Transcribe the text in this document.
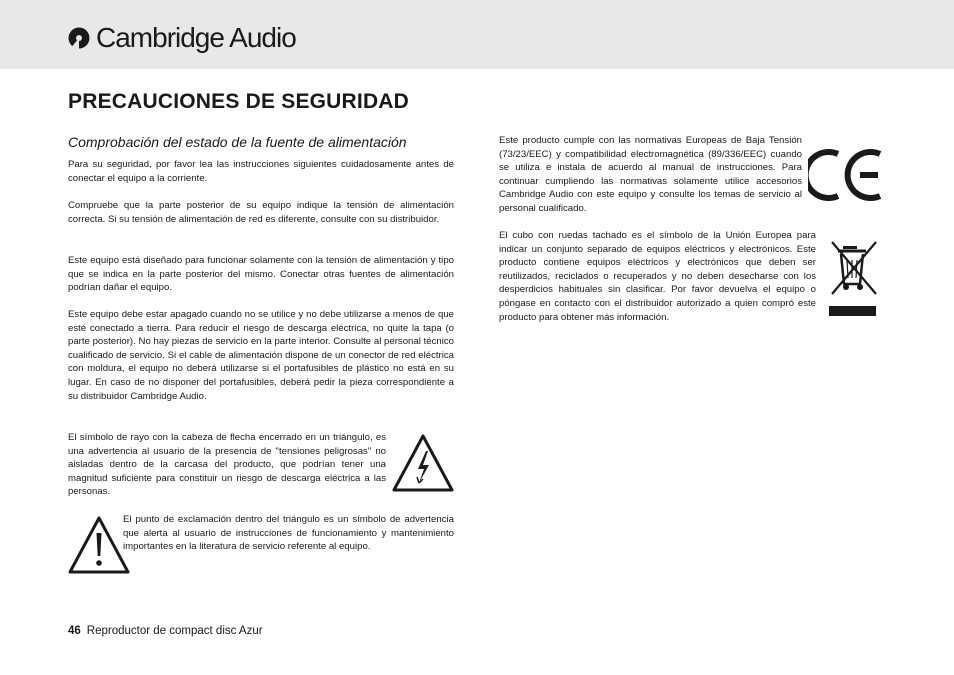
Cambridge Audio
PRECAUCIONES DE SEGURIDAD
Comprobación del estado de la fuente de alimentación

Para su seguridad, por favor lea las instrucciones siguientes cuidadosamente antes de conectar el equipo a la corriente.

Compruebe que la parte posterior de su equipo indique la tensión de alimentación correcta. Si su tensión de alimentación de red es diferente, consulte con su distribuidor.

Este equipo está diseñado para funcionar solamente con la tensión de alimentación y tipo que se indica en la parte posterior del mismo. Conectar otras fuentes de alimentación podrían dañar el equipo.

Este equipo debe estar apagado cuando no se utilice y no debe utilizarse a menos de que esté conectado a tierra. Para reducir el riesgo de descarga eléctrica, no quite la tapa (o parte posterior). No hay piezas de servicio en la parte interior. Consulte al personal técnico cualificado de servicio. Si el cable de alimentación dispone de un conector de red eléctrica con moldura, el equipo no deberá utilizarse si el portafusibles de plástico no está en su lugar. En caso de no disponer del portafusibles, deberá pedir la pieza correspondiente a su distribuidor Cambridge Audio.

El símbolo de rayo con la cabeza de flecha encerrado en un triángulo, es una advertencia al usuario de la presencia de "tensiones peligrosas" no aisladas dentro de la carcasa del producto, que podrían tener una magnitud suficiente para constituir un riesgo de descarga eléctrica a las personas.

El punto de exclamación dentro del triángulo es un símbolo de advertencia que alerta al usuario de instrucciones de funcionamiento y mantenimiento importantes en la literatura de servicio referente al equipo.

Este producto cumple con las normativas Europeas de Baja Tensión (73/23/EEC) y compatibilidad electromagnética (89/336/EEC) cuando se utiliza e instala de acuerdo al manual de instrucciones. Para continuar cumpliendo las normativas solamente utilice accesorios Cambridge Audio con este equipo y consulte los temas de servicio al personal cualificado.

El cubo con ruedas tachado es el símbolo de la Unión Europea para indicar un conjunto separado de equipos eléctricos y electrónicos. Este producto contiene equipos eléctricos y electrónicos que deben ser reutilizados, reciclados o recuperados y no deben desecharse con los desperdicios habituales sin clasificar. Por favor devuelva el equipo o póngase en contacto con el distribuidor autorizado a quien compró este producto para obtener más información.

46 Reproductor de compact disc Azur
